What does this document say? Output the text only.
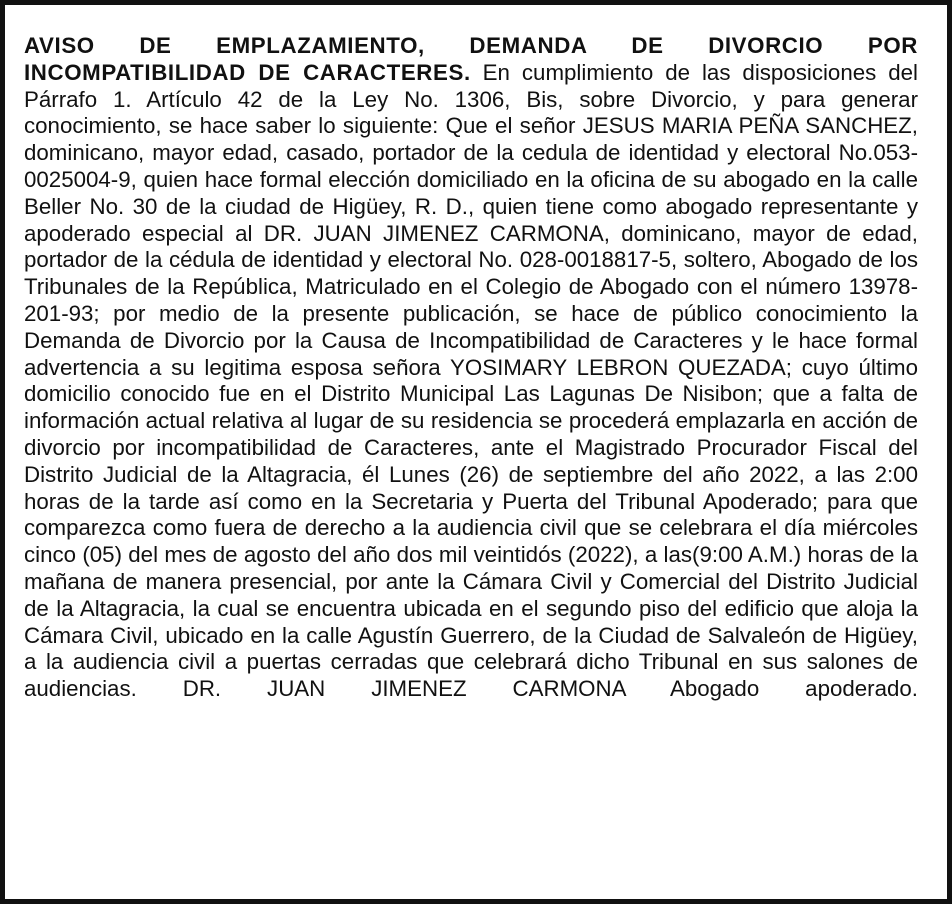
AVISO DE EMPLAZAMIENTO, DEMANDA DE DIVORCIO POR INCOMPATIBILIDAD DE CARACTERES. En cumplimiento de las disposiciones del Párrafo 1. Artículo 42 de la Ley No. 1306, Bis, sobre Divorcio, y para generar conocimiento, se hace saber lo siguiente: Que el señor JESUS MARIA PEÑA SANCHEZ, dominicano, mayor edad, casado, portador de la cedula de identidad y electoral No.053-0025004-9, quien hace formal elección domiciliado en la oficina de su abogado en la calle Beller No. 30 de la ciudad de Higüey, R. D., quien tiene como abogado representante y apoderado especial al DR. JUAN JIMENEZ CARMONA, dominicano, mayor de edad, portador de la cédula de identidad y electoral No. 028-0018817-5, soltero, Abogado de los Tribunales de la República, Matriculado en el Colegio de Abogado con el número 13978-201-93; por medio de la presente publicación, se hace de público conocimiento la Demanda de Divorcio por la Causa de Incompatibilidad de Caracteres y le hace formal advertencia a su legitima esposa señora YOSIMARY LEBRON QUEZADA; cuyo último domicilio conocido fue en el Distrito Municipal Las Lagunas De Nisibon; que a falta de información actual relativa al lugar de su residencia se procederá emplazarla en acción de divorcio por incompatibilidad de Caracteres, ante el Magistrado Procurador Fiscal del Distrito Judicial de la Altagracia, él Lunes (26) de septiembre del año 2022, a las 2:00 horas de la tarde así como en la Secretaria y Puerta del Tribunal Apoderado; para que comparezca como fuera de derecho a la audiencia civil que se celebrara el día miércoles cinco (05) del mes de agosto del año dos mil veintidós (2022), a las(9:00 A.M.) horas de la mañana de manera presencial, por ante la Cámara Civil y Comercial del Distrito Judicial de la Altagracia, la cual se encuentra ubicada en el segundo piso del edificio que aloja la Cámara Civil, ubicado en la calle Agustín Guerrero, de la Ciudad de Salvaleón de Higüey, a la audiencia civil a puertas cerradas que celebrará dicho Tribunal en sus salones de audiencias. DR. JUAN JIMENEZ CARMONA Abogado apoderado.
